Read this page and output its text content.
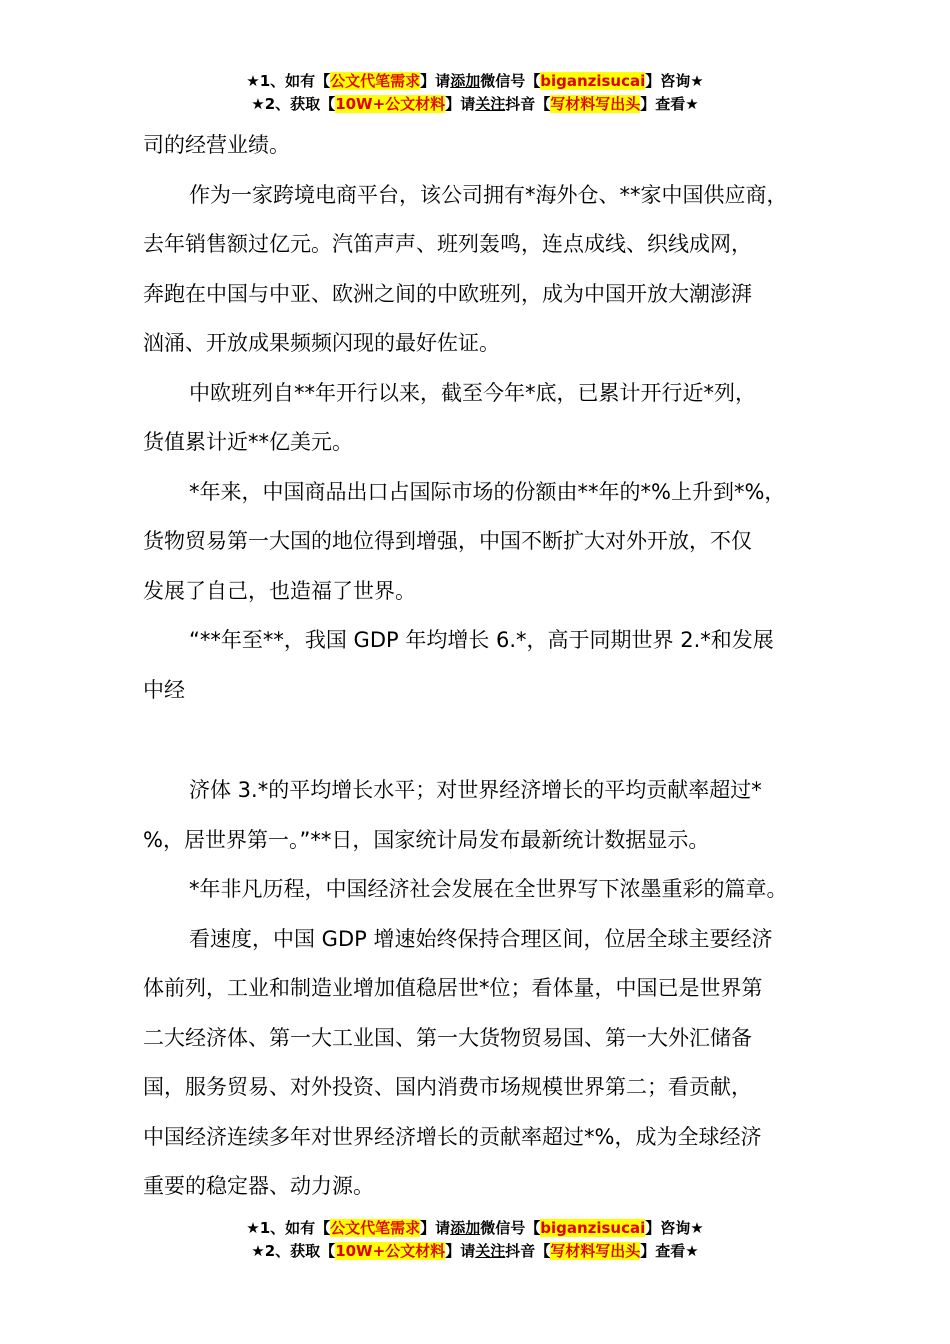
★1、如有【公文代笔需求】请添加微信号【biganzisucai】咨询★
★2、获取【10W+公文材料】请关注抖音【写材料写出头】查看★

司的经营业绩。

作为一家跨境电商平台，该公司拥有*海外仓、**家中国供应商，

去年销售额过亿元。汽笛声声、班列轰鸣，连点成线、织线成网，

奔跑在中国与中亚、欧洲之间的中欧班列，成为中国开放大潮澎湃

汹涌、开放成果频频闪现的最好佐证。

中欧班列自**年开行以来，截至今年*底，已累计开行近*列，

货值累计近**亿美元。

*年来，中国商品出口占国际市场的份额由**年的*%上升到*%，

货物贸易第一大国的地位得到增强，中国不断扩大对外开放，不仅

发展了自己，也造福了世界。

“**年至**，我国 GDP 年均增长 6.*，高于同期世界 2.*和发展

中经

济体 3.*的平均增长水平；对世界经济增长的平均贡献率超过*

%，居世界第一。”**日，国家统计局发布最新统计数据显示。

*年非凡历程，中国经济社会发展在全世界写下浓墨重彩的篇章。

看速度，中国 GDP 增速始终保持合理区间，位居全球主要经济

体前列，工业和制造业增加值稳居世*位；看体量，中国已是世界第

二大经济体、第一大工业国、第一大货物贸易国、第一大外汇储备

国，服务贸易、对外投资、国内消费市场规模世界第二；看贡献，

中国经济连续多年对世界经济增长的贡献率超过*%，成为全球经济

重要的稳定器、动力源。

★1、如有【公文代笔需求】请添加微信号【biganzisucai】咨询★
★2、获取【10W+公文材料】请关注抖音【写材料写出头】查看★
